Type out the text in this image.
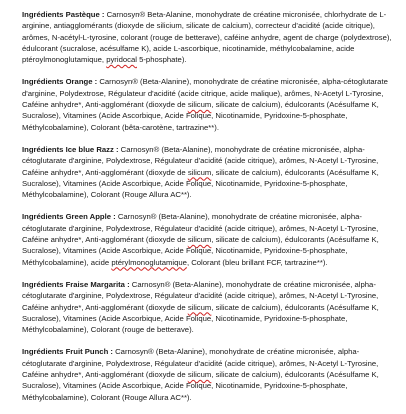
Ingrédients Pastèque : Carnosyn® Beta-Alanine, monohydrate de créatine micronisée, chlorhydrate de L-arginine, antiagglomérants (dioxyde de silicium, silicate de calcium), correcteur d’acidité (acide citrique), arômes, N-acétyl-L-tyrosine, colorant (rouge de betterave), caféine anhydre, agent de charge (polydextrose), édulcorant (sucralose, acésulfame K), acide L-ascorbique, nicotinamide, méthylcobalamine, acide ptéroylmonoglutamique, pyridocal 5-phosphate).

Ingrédients Orange : Carnosyn® (Beta-Alanine), monohydrate de créatine micronisée, alpha-cétoglutarate d'arginine, Polydextrose, Régulateur d'acidité (acide citrique, acide malique), arômes, N-Acetyl L-Tyrosine, Caféine anhydre*, Anti-agglomérant (dioxyde de silicum, silicate de calcium), édulcorants (Acésulfame K, Sucralose), Vitamines (Acide Ascorbique, Acide Folique, Nicotinamide, Pyridoxine-5-phosphate, Méthylcobalamine), Colorant (bêta-carotène, tartrazine**).

Ingrédients Ice blue Razz : Carnosyn® (Beta-Alanine), monohydrate de créatine micronisée, alpha-cétoglutarate d'arginine, Polydextrose, Régulateur d'acidité (acide citrique), arômes, N-Acetyl L-Tyrosine, Caféine anhydre*, Anti-agglomérant (dioxyde de silicum, silicate de calcium), édulcorants (Acésulfame K, Sucralose), Vitamines (Acide Ascorbique, Acide Folique, Nicotinamide, Pyridoxine-5-phosphate, Méthylcobalamine), Colorant (Rouge Allura AC**).

Ingrédients Green Apple : Carnosyn® (Beta-Alanine), monohydrate de créatine micronisée, alpha-cétoglutarate d'arginine, Polydextrose, Régulateur d'acidité (acide citrique), arômes, N-Acetyl L-Tyrosine, Caféine anhydre*, Anti-agglomérant (dioxyde de silicum, silicate de calcium), édulcorants (Acésulfame K, Sucralose), Vitamines (Acide Ascorbique, Acide Folique, Nicotinamide, Pyridoxine-5-phosphate, Méthylcobalamine), acide ptérylmonoglutamique, Colorant (bleu brillant FCF, tartrazine**).

Ingrédients Fraise Margarita : Carnosyn® (Beta-Alanine), monohydrate de créatine micronisée, alpha-cétoglutarate d'arginine, Polydextrose, Régulateur d'acidité (acide citrique), arômes, N-Acetyl L-Tyrosine, Caféine anhydre*, Anti-agglomérant (dioxyde de silicum, silicate de calcium), édulcorants (Acésulfame K, Sucralose), Vitamines (Acide Ascorbique, Acide Folique, Nicotinamide, Pyridoxine-5-phosphate, Méthylcobalamine), Colorant (rouge de betterave).

Ingrédients Fruit Punch : Carnosyn® (Beta-Alanine), monohydrate de créatine micronisée, alpha-cétoglutarate d'arginine, Polydextrose, Régulateur d'acidité (acide citrique), arômes, N-Acetyl L-Tyrosine, Caféine anhydre*, Anti-agglomérant (dioxyde de silicum, silicate de calcium), édulcorants (Acésulfame K, Sucralose), Vitamines (Acide Ascorbique, Acide Folique, Nicotinamide, Pyridoxine-5-phosphate, Méthylcobalamine), Colorant (Rouge Allura AC**).
